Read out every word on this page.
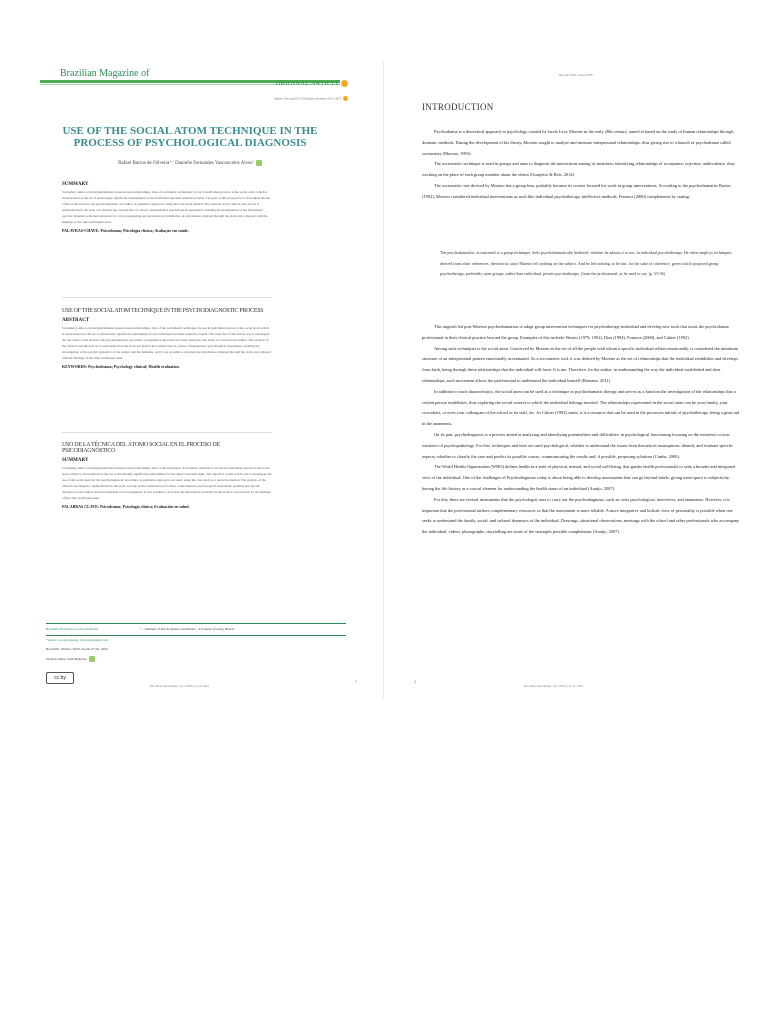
Brazilian Magazine of
ORIGINAL ARTICLE
https://doi.org/10.15329/psicodrama.v31.i1.623
USE OF THE SOCIAL ATOM TECHNIQUE IN THE PROCESS OF PSYCHOLOGICAL DIAGNOSIS
Rafael Barros de Oliveira¹ ‘ Danielle Fernandes Vasconcelos Alves¹
SUMMARY
Sociometry aims to investigate/measure interpersonal relationships. One of sociometric techniques for use in individual practice is the social atom, which is characterized as the set of emotionally significant relationships for the individual and their subjective bonds. The goal of this proposal is to investigate the use of the social atom for the psychodiagnostic procedure. A qualitative approach, using the case study method. The analysis of the clinical case served to understand how the atom can assist in the construction of a more comprehensive psychological assessment, enabling the investigation of the individual's psychic dynamics with their demands for a more integrating and participatory formulation of information obtained through the atom and compared with the findings of the other techniques used.
PALAVRAS-CHAVE: Psicodrama; Psicologia clínica; Avaliação em saúde.
USE OF THE SOCIAL ATOM TECHNIQUE IN THE PSYCHODIAGNOSTIC PROCESS
ABSTRACT
Sociometry aims to investigate/measure interpersonal relationships. One of the sociometric techniques for use in individual practice is the social atom, which is characterized as the set of emotionally significant relationships for the individual and their subjective bonds. The objective of this article was to investigate the use of the social atom for the psychodiagnostic procedure. A qualitative approach was used, using the case study as a research procedure. The analysis of the clinical case allowed us to understand how the atom can help in the construction of a more comprehensive psychological assessment, enabling the investigation of the psychic dynamics of the subject and his demands, and it was possible to note that the information obtained through the atom was followed with the findings of the other techniques used.
KEYWORDS: Psychodrama; Psychology clinical; Health evaluation.
USO DE LA TÉCNICA DEL ÁTOMO SOCIAL EN EL PROCESO DE PSICODIAGNÓSTICO
SUMMARY
Sociometry aims to investigate/measure interpersonal relationships. One of the techniques. Sociometric methods to be used in individual practice is the social atom, which is characterized as the set of emotionally significant relationships for the subject and their links. The objective of this article was to investigate the use of the social atom for the psychodiagnostic procedure. A qualitative approach was used, using the case study as a narrative method. The analysis of the clinical case helped to understand how the atom can help in the construction of a more comprehensive psychological assessment, enabling the psychic dynamics of the subject and their demands to be investigated. It was possible to note that the information provided by the atom is corroborated by the findings of the other techniques used.
PALABRAS CLAVE: Psicodrama; Psicología clínica; Evaluación en salud.
Brazilian Federation of Psychodrama	¹ – Institute of Psychodrama and Masks – Fortaleza (Ceará), Brazil.
*Autor correspondente: rbarros@gmail.com
Recebido: 09 mar. 2023; Aceite 27 jul. 2023
Section editor: Kim Boiscele
cc by
Rev. Bras. Psicodrama, v31, e1823, p.1-12, 2023
1
Oliveira RB, Alves DFV
INTRODUCTION

Psychodrama is a theoretical approach to psychology created by Jacob Levy Moreno in the early 20th century, aimed at based on the study of human relationships through dramatic methods. During the development of his theory, Moreno sought to analyze and measure interpersonal relationships, thus giving rise to a branch of psychodrama called sociometry (Moreno, 1993).

The sociometric technique is used in groups and aims to diagnose the interactions among its members, identifying relationships of acceptance, rejection, ambivalence, thus working on the place of each group member about the others (Granjeiro & Reis, 2014).

The sociometric test devised by Moreno has a group bias, probably because its creator focused his work in group interventions. According to the psychodramatist Bustos (1992), Moreno considered individual interventions as such like individual psychotherapy, ineffective methods. Fonseca (2000) complements by stating:

The psychodramatist, accustomed to a group technique, feels psychodramatically hindered, whether he admits it or not, in individual psychotherapy. He often employs techniques derived from other references. theoretical, since Moreno left nothing on the subject. And he left nothing, to be fair, for the sake of coherence, given which proposed group psychotherapy, preferably open groups, rather than individual, private psychotherapy. (from the professional, as he used to say. (p. 55-56)

This anguish led post-Moreno psychodramatists to adapt group intervention techniques for psychotherapy individual and develop new tools that assist the psychodrama professional in their clinical practice beyond the group. Examples of this include: Bustos (1979; 1992), Dias (1994), Fonseca (2000), and Cukier (1992).

Among such techniques is the social atom. Conceived by Moreno as the set of all the people with whom a specific individual relates emotionally, is considered the minimum structure of an interpersonal pattern emotionally accentuated. As a sociometric tool, it was defined by Moreno as the set of relationships that the individual establishes and develops from birth, being through these relationships that the individual will form. It is me. Therefore, for the author, in understanding the way the individual established and their relationships, such movement allows the professional to understand the individual himself (Romano, 2011).

In addition to such characteristics, the social atom can be used as a technique in psychodramatic therapy and serves as a function the investigation of the relationships that a certain person establishes, thus exploring the social context to which the individual belongs inserted. The relationships represented in the social atom can be your family, your coworkers, or even your colleagues of the school or its staff, etc. As Cukier (1992) states, it is a resource that can be used in the processes initials of psychotherapy, being a great aid in the anamnesis.

On its part, psychodiagnosis is a process aimed at analyzing and identifying potentialities and difficulties. in psychological functioning focusing on the existence or non-existence of psychopathology. For this, techniques and tests are used psychological, whether to understand the issues from theoretical assumptions, identify and evaluate specific aspects; whether to classify the case and predict its possible course, communicating the results and, if possible, proposing solutions (Cunha, 2000).

The World Health Organization (WHO) defines health as a state of physical, mental, and social well-being. that guides health professionals to seek a broader and integrated view of the individual. One of the challenges of Psychodiagnosis today is about being able to develop assessments that can go beyond labels, giving more space to subjectivity. having the life history as a crucial element for understanding the health status of an individual (Araújo, 2007).

For this, there are several instruments that the psychologist uses to carry out the psychodiagnosis, such as: tests psychological, interviews, and anamnesis. However, it is important that the professional utilizes complementary resources so that the assessment is more reliable. A more integrative and holistic view of personality is possible when one seeks to understand the family, social, and cultural dynamics of the individual. Drawings, situational observations, meetings with the school and other professionals who accompany the individual, videos, photographs, storytelling are some of the strategies possible complements (Araújo, 2007).

2
Rev. Bras. Psicodrama, v31, e1823, p.1-12, 2023
